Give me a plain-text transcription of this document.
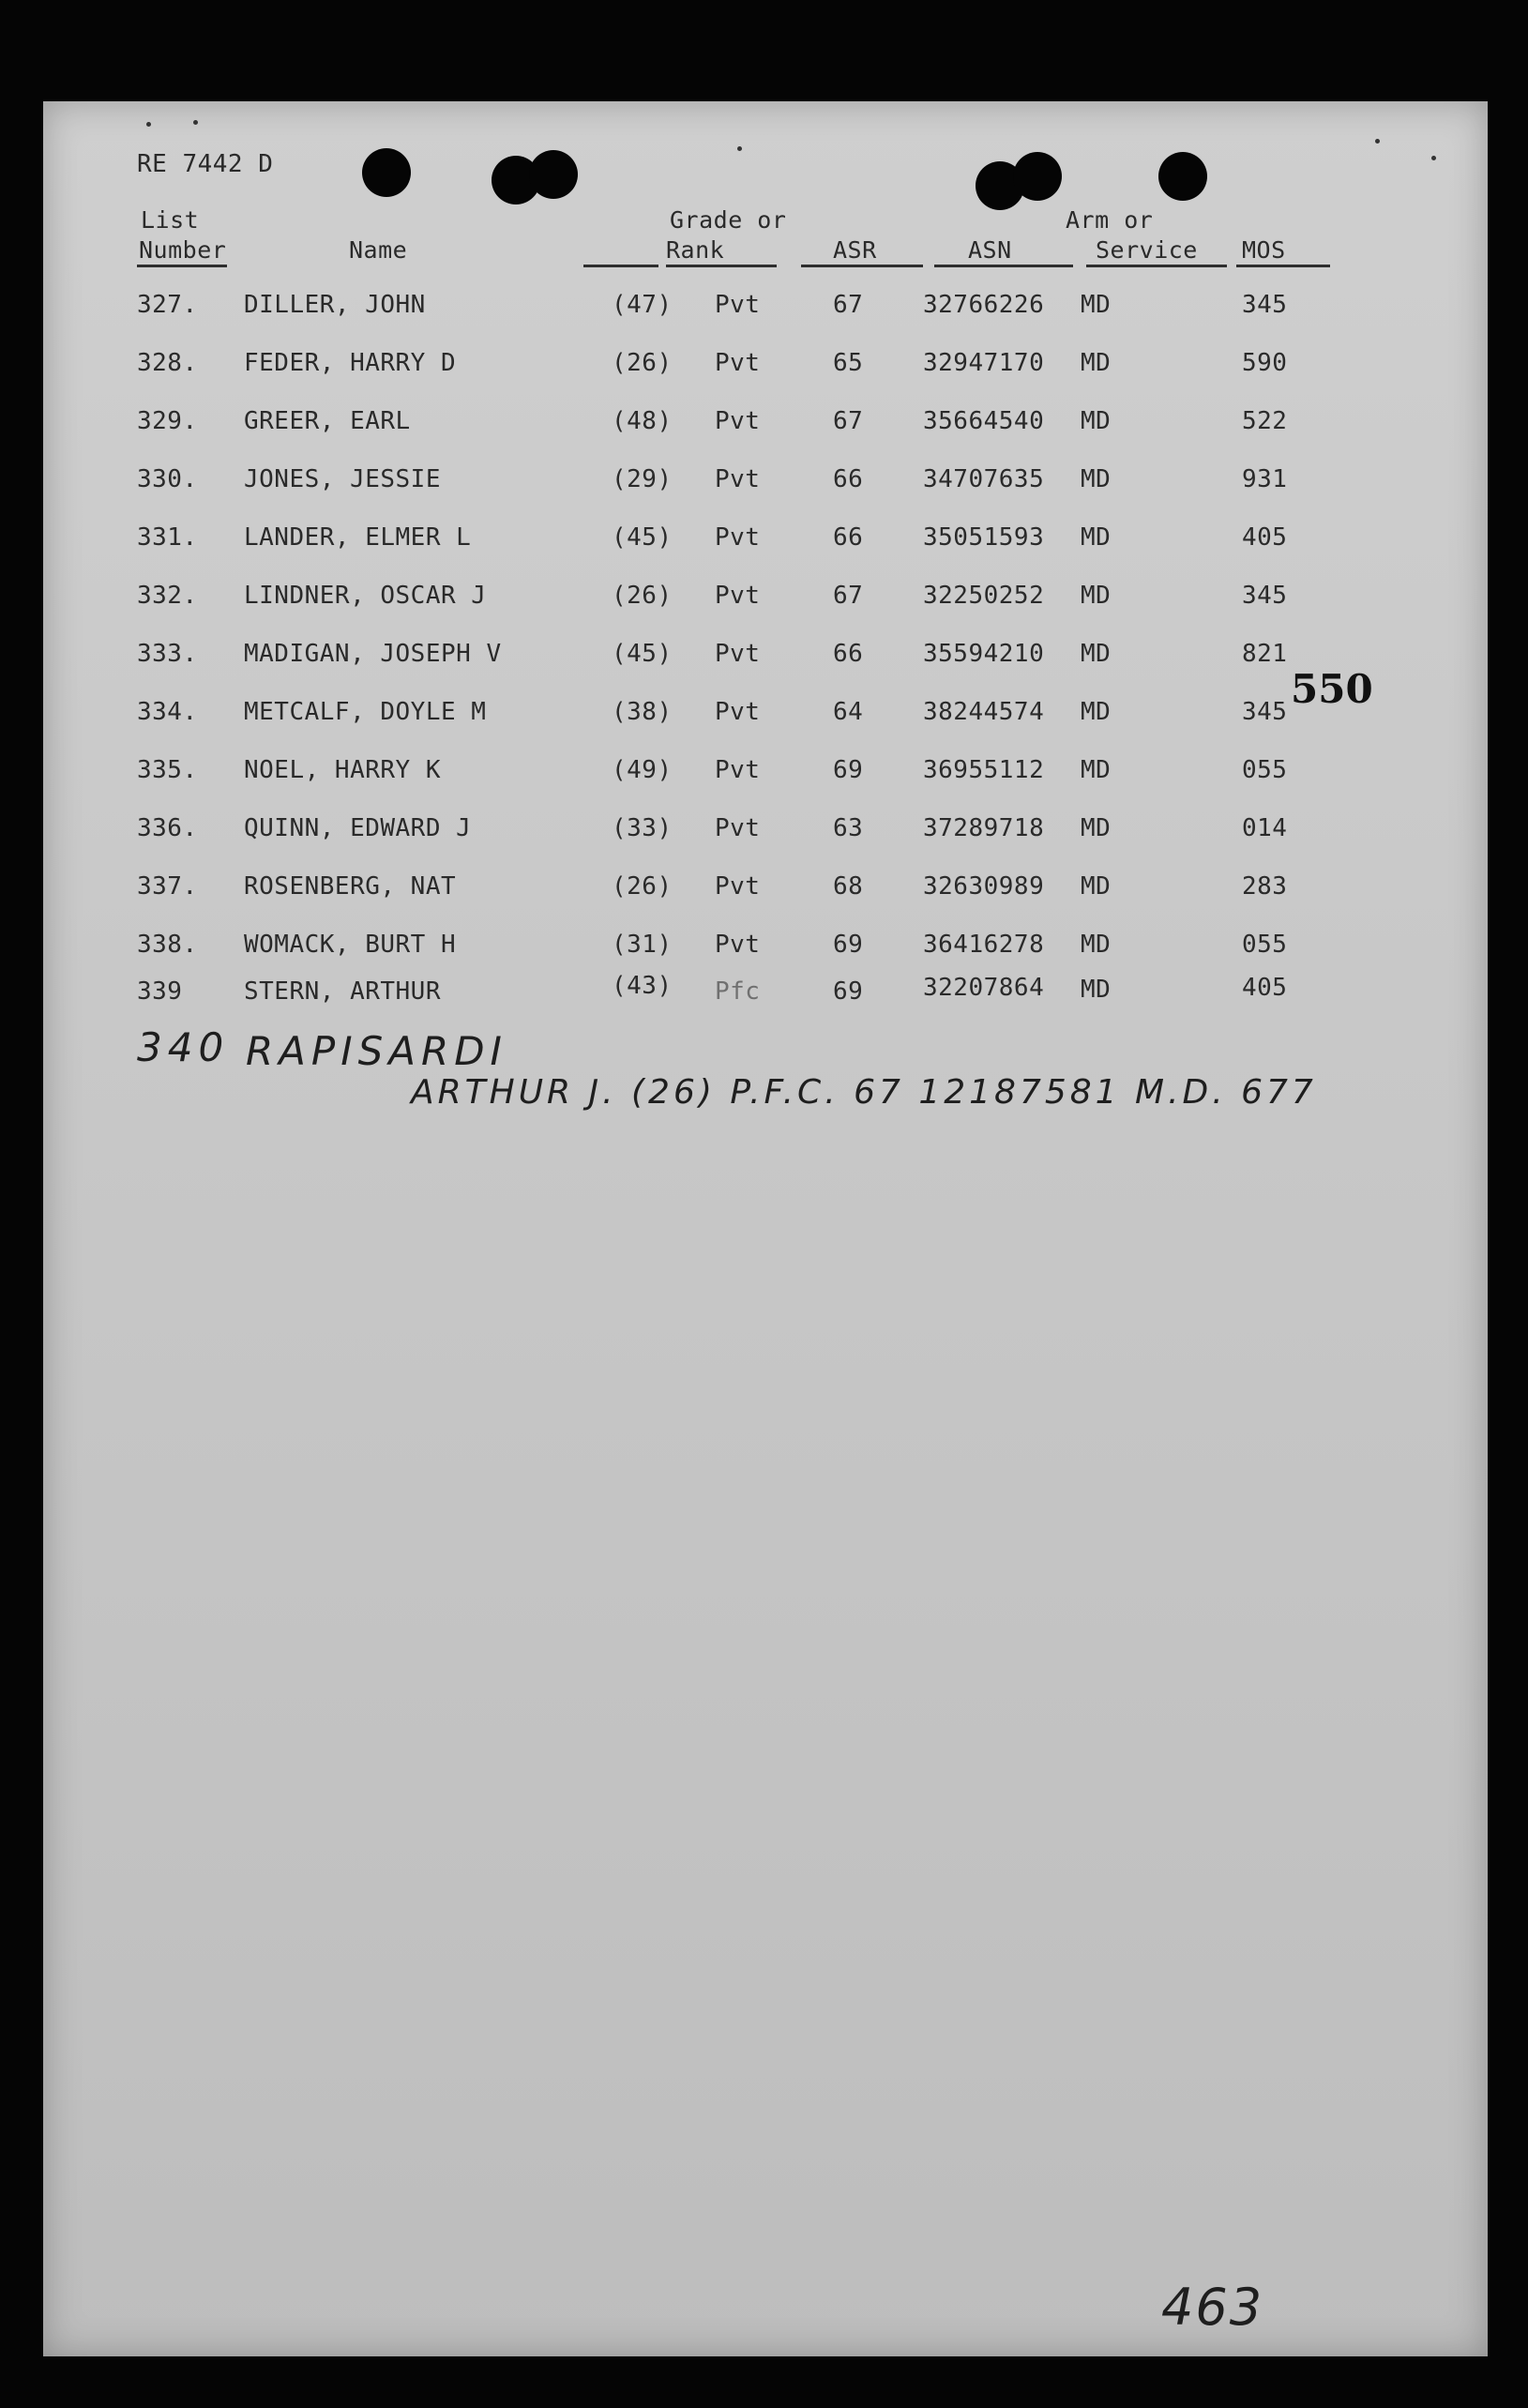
RE 7442 D
List
Number	Name
Grade or
Rank	ASR	ASN
Arm or
Service MOS
327. DILLER, JOHN	(47) Pvt	67 32766226 MD	345
328. FEDER, HARRY D	(26) Pvt	65 32947170 MD	590
329. GREER, EARL	(48) Pvt	67 35664540 MD	522
330. JONES, JESSIE	(29) Pvt	66 34707635 MD	931
331. LANDER, ELMER L	(45) Pvt	66 35051593 MD	405
332. LINDNER, OSCAR J	(26) Pvt	67 32250252 MD	345
333. MADIGAN, JOSEPH V	(45) Pvt	66 35594210 MD	821
334. METCALF, DOYLE M	(38) Pvt	64 38244574 MD	345
335. NOEL, HARRY K	(49) Pvt	69 36955112 MD	055
336. QUINN, EDWARD J	(33) Pvt	63 37289718 MD	014
337. ROSENBERG, NAT	(26) Pvt	68 32630989 MD	283
338. WOMACK, BURT H	(31) Pvt	69 36416278 MD	055
339	STERN, ARTHUR	(43) Pfc	69 32207864 MD	405
550
340 RAPISARDI
ARTHUR J. (26) P.F.C. 67 12187581 M.D. 677
463
